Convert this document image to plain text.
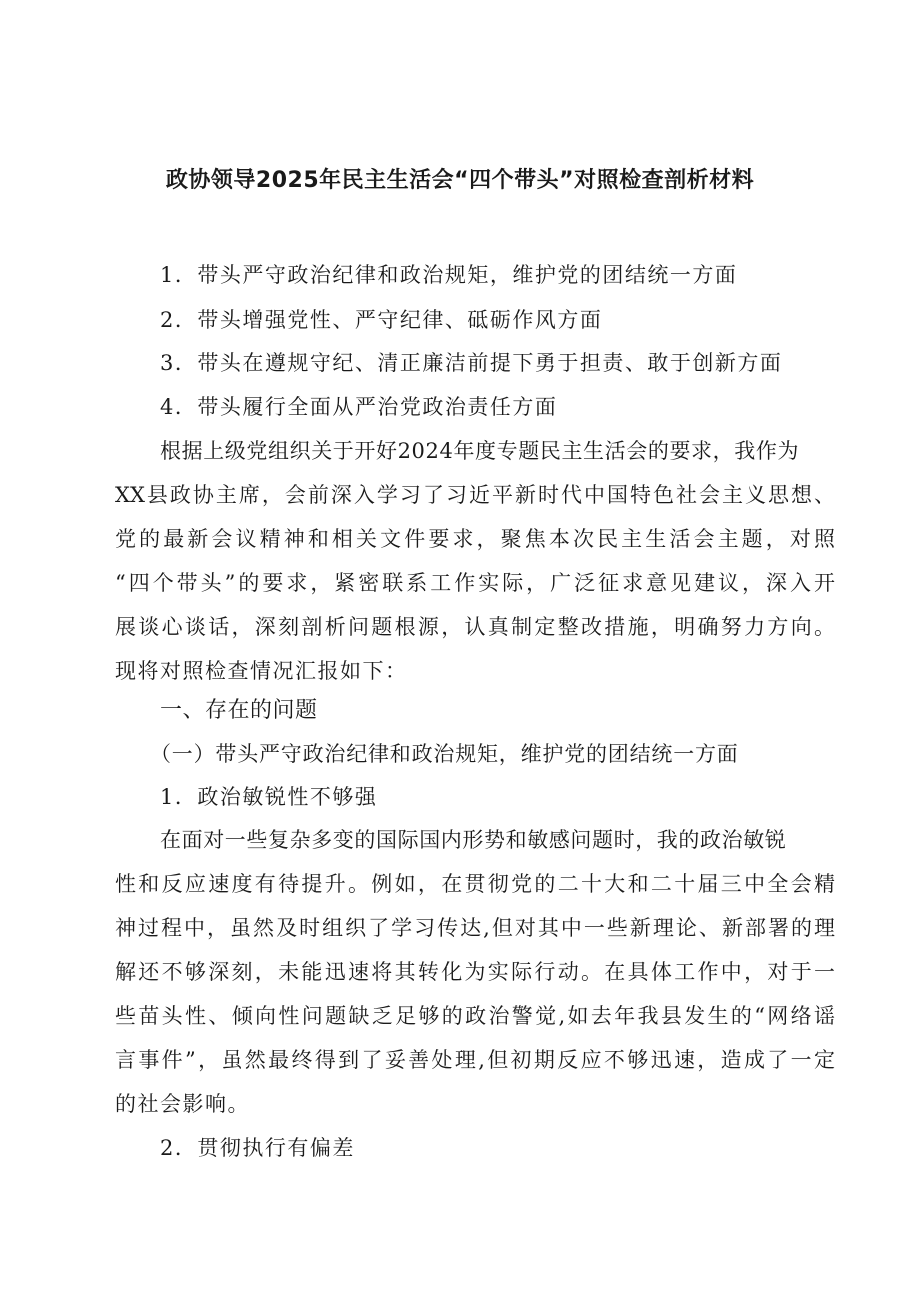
政协领导2025年民主生活会“四个带头”对照检查剖析材料

1．带头严守政治纪律和政治规矩，维护党的团结统一方面

2．带头增强党性、严守纪律、砥砺作风方面

3．带头在遵规守纪、清正廉洁前提下勇于担责、敢于创新方面

4．带头履行全面从严治党政治责任方面

根据上级党组织关于开好2024年度专题民主生活会的要求，我作为

XX县政协主席，会前深入学习了习近平新时代中国特色社会主义思想、

党的最新会议精神和相关文件要求，聚焦本次民主生活会主题，对照

“四个带头”的要求，紧密联系工作实际，广泛征求意见建议，深入开

展谈心谈话，深刻剖析问题根源，认真制定整改措施，明确努力方向。

现将对照检查情况汇报如下：

一、存在的问题

（一）带头严守政治纪律和政治规矩，维护党的团结统一方面

1．政治敏锐性不够强

在面对一些复杂多变的国际国内形势和敏感问题时，我的政治敏锐

性和反应速度有待提升。例如，在贯彻党的二十大和二十届三中全会精

神过程中，虽然及时组织了学习传达,但对其中一些新理论、新部署的理

解还不够深刻，未能迅速将其转化为实际行动。在具体工作中，对于一

些苗头性、倾向性问题缺乏足够的政治警觉,如去年我县发生的“网络谣

言事件”，虽然最终得到了妥善处理,但初期反应不够迅速，造成了一定

的社会影响。

2．贯彻执行有偏差
